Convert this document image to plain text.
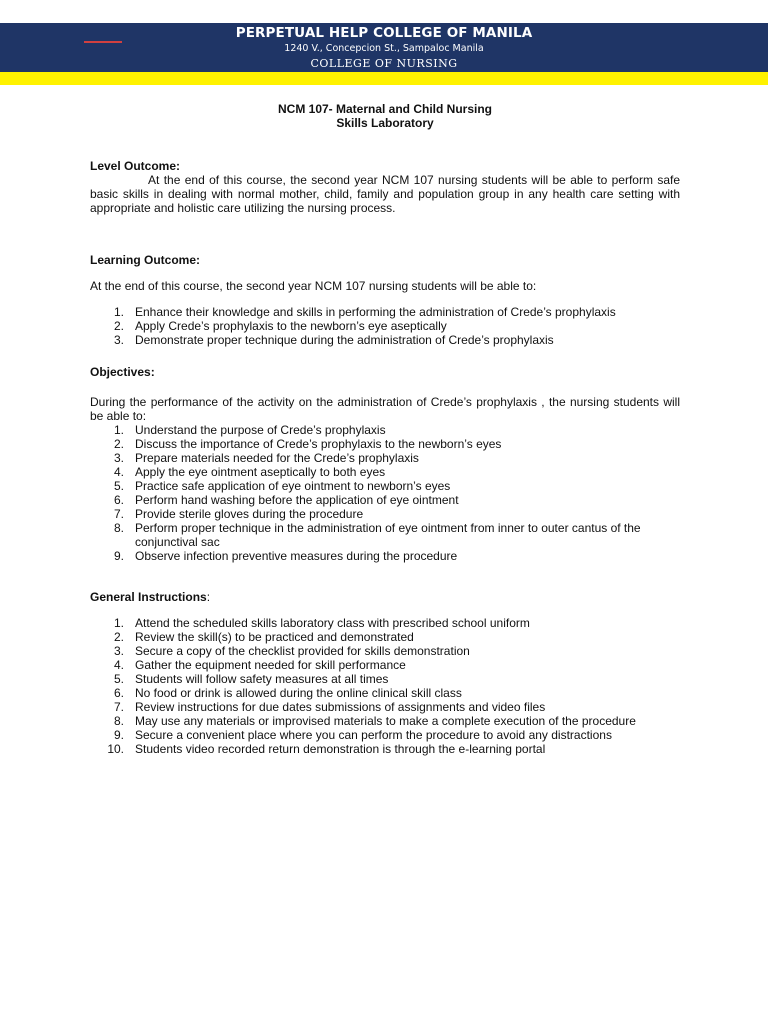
PERPETUAL HELP COLLEGE OF MANILA
1240 V., Concepcion St., Sampaloc Manila
COLLEGE OF NURSING
NCM 107- Maternal and Child Nursing
Skills Laboratory

Level Outcome:

At the end of this course, the second year NCM 107 nursing students will be able to perform safe basic skills in dealing with normal mother, child, family and population group in any health care setting with appropriate and holistic care utilizing the nursing process.

Learning Outcome:

At the end of this course, the second year NCM 107 nursing students will be able to:

1. Enhance their knowledge and skills in performing the administration of Crede’s prophylaxis
2. Apply Crede’s prophylaxis to the newborn’s eye aseptically
3. Demonstrate proper technique during the administration of Crede’s prophylaxis

Objectives:

During the performance of the activity on the administration of Crede’s prophylaxis , the nursing students will be able to:

1. Understand the purpose of Crede’s prophylaxis
2. Discuss the importance of Crede’s prophylaxis to the newborn’s eyes
3. Prepare materials needed for the Crede’s prophylaxis
4. Apply the eye ointment aseptically to both eyes
5. Practice safe application of eye ointment to newborn’s eyes
6. Perform hand washing before the application of eye ointment
7. Provide sterile gloves during the procedure
8. Perform proper technique in the administration of eye ointment from inner to outer cantus of the conjunctival sac
9. Observe infection preventive measures during the procedure

General Instructions:

1. Attend the scheduled skills laboratory class with prescribed school uniform
2. Review the skill(s) to be practiced and demonstrated
3. Secure a copy of the checklist provided for skills demonstration
4. Gather the equipment needed for skill performance
5. Students will follow safety measures at all times
6. No food or drink is allowed during the online clinical skill class
7. Review instructions for due dates submissions of assignments and video files
8. May use any materials or improvised materials to make a complete execution of the procedure
9. Secure a convenient place where you can perform the procedure to avoid any distractions
10. Students video recorded return demonstration is through the e-learning portal
